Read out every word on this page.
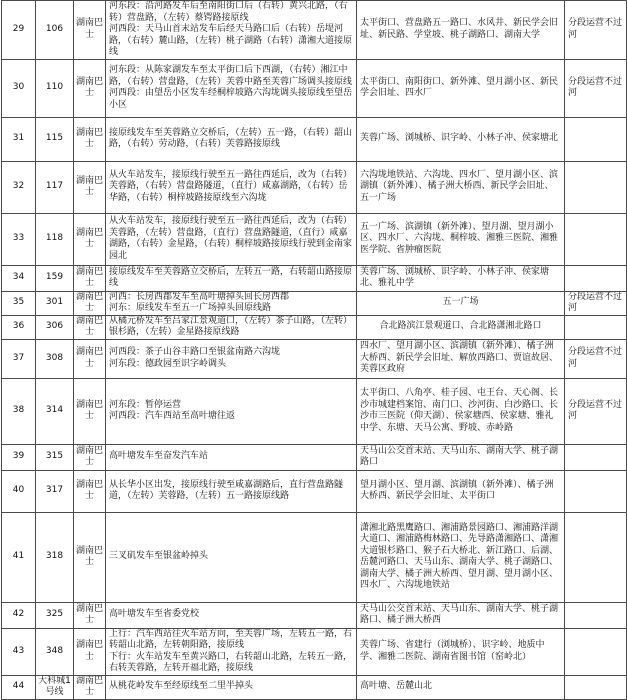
29	106	湖南巴士	河东段：沿河路发车后至南阳街口后（右转）黄兴北路，（右转）营盘路，（左转）蔡锷路接原线
河西段：天马山首末站发车后经天马路口后（右转）岳堤河路，（右转）麓山路，（左转）桃子湖路（右转）潇湘大道接原线	太平街口、营盘路五一路口、水风井、新民学会旧址、新民路、学堂坡、桃子湖路口、湖南大学	分段运营不过河
30	110	湖南巴士	河东段：从陈家湖发车至太平街口后下西湖，（右转）湘江中路，（右转）营盘路，（左转）芙蓉中路至芙蓉广场调头接原线
河西段：由望岳小区发车经桐梓坡路六沟垅调头接原线至望岳小区	太平街口、南阳街口、新外滩、望月湖小区、新民学会旧址、四水厂	分段运营不过河
31	115	湖南巴士	接原线发车至芙蓉路立交桥后，（左转）五一路，（右转）韶山路，（右转）劳动路，（右转）芙蓉路接原线	芙蓉广场、浏城桥、识字岭、小林子冲、侯家塘北	
32	117	湖南巴士	从火车站发车，接原线行驶至五一路往西延后，改为（右转）芙蓉路，（右转）营盘路隧道，（直行）咸嘉湖路，（右转）岳华路，（右转）桐梓坡路接原线至六沟垅	六沟垅地铁站、六沟垅、四水厂、望月湖小区、滨湖镇（新外滩）、橘子洲大桥西、新民学会旧址、五一广场	
33	118	湖南巴士	从火车站发车，接原线行驶至五一路往西延后，改为（右转）芙蓉路，（左转）营盘路，（直行）营盘路隧道，（直行）咸嘉湖路，（右转）金星路，（右转）桐梓坡路接原线行驶到金南家园北	五一广场、滨湖镇（新外滩）、望月湖、望月湖小区、四水厂、六沟垅、桐梓坡、湘雅三医院、湘雅医学院、省肿瘤医院	
34	159	湖南巴士	接原线发车至芙蓉路立交桥后，左转五一路，右转韶山路接原线	芙蓉广场、浏城桥、识字岭、小林子冲、侯家塘北、雅礼中学	
35	301	湖南巴士	河西：长房西郡发车至高叶塘掉头回长房西郡
河东：原线发车至五一广场掉头回原线路	五一广场	分段运营不过河
36	306	湖南巴士	从橘元桥发车至吕家江景观道口，（左转）茶子山路，（左转）银杉路，（左转）金星路接原线路	合北路滨江景观道口、合北路潇湘北路口	
37	308	湖南巴士	河西段：茶子山谷丰路口至银盆南路六沟垅
河东段：德政园至识字岭调头	四水厂、望月湖小区、滨湖镇（新外滩）、橘子洲大桥西、新民学会旧址、解放西路口、贾谊故居、芙蓉区政府	分段运营不过河
38	314	湖南巴士	河东段：暂停运营
河西段：汽车西站至高叶塘往返	太平街口、八角亭、桂子园、屯王台、天心阁、长沙市城建档案馆、南门口、沙河街、白沙路口、长沙市三医院（仰天湖）、侯家塘西、侯家塘、雅礼中学、东塘、天马公寓、野坡、赤岭路	分段运营不过河
39	315	湖南巴士	高叶塘发车至奋发汽车站	天马山公交首末站、天马山东、湖南大学、桃子湖路口	
40	317	湖南巴士	从长华小区出发，接原线行驶至咸嘉湖路后，直行营盘路隧道，（左转）芙蓉路，（左转）五一路接原线路	望月湖小区、望月湖、滨湖镇（新外滩）、橘子洲大桥西、新民学会旧址、太平街口	
41	318	湖南巴士	三叉矶发车至银盆岭掉头	潇湘北路黑鹰路口、湘浦路景园路口、湘浦路洋湖大道口、湘浦路梅林路口、先导路潇湘路口、潇湘大道银杉路口、猴子石大桥北、新江路口、后湖、岳麓河路口、天马山东、湖南大学、桃子湖路口、湖南大学、橘子洲大桥西、望月湖、望月湖小区、四水厂、六沟垅地铁站	
42	325	湖南巴士	高叶塘发车至省委党校	天马山公交首末站、天马山东、湖南大学、桃子湖路口、橘子洲大桥西	
43	348	湖南巴士	上行：汽车西站往火车站方向，至芙蓉广场，左转五一路，右转韶山北路，左转朝阳路，接原线
下行：火车站发车至黄兴路口，右转韶山北路，左转五一路，右转芙蓉路，左转开福北路，接原线	芙蓉广场、省建行（浏城桥）、识字岭、地质中学、湘雅二医院、湖南省图书馆（窑岭北）	
44	大科城1号线	湖南巴士	从桃花岭发车至经原线至二里半掉头	高叶塘、岳麓山北	
